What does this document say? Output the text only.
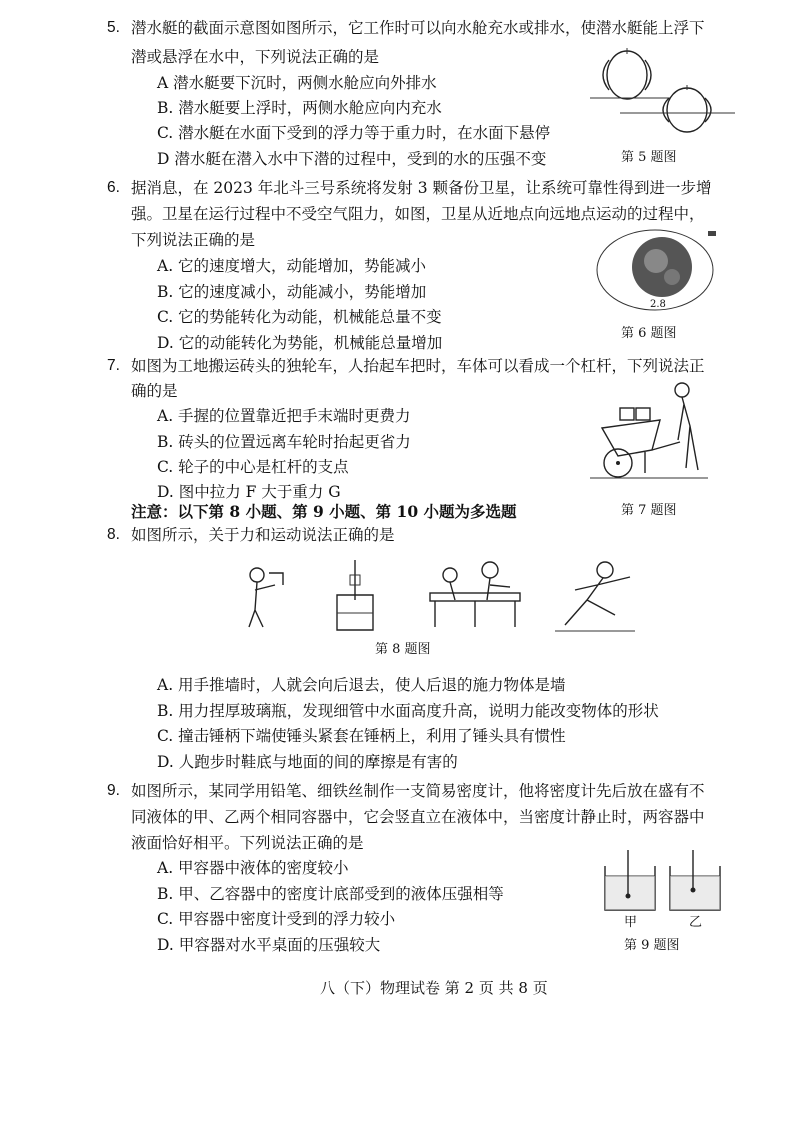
5. 潜水艇的截面示意图如图所示，它工作时可以向水舱充水或排水，使潜水艇能上浮下
潜或悬浮在水中，下列说法正确的是
A 潜水艇要下沉时，两侧水舱应向外排水
B. 潜水艇要上浮时，两侧水舱应向内充水
C. 潜水艇在水面下受到的浮力等于重力时，在水面下悬停
D 潜水艇在潜入水中下潜的过程中，受到的水的压强不变	第 5 题图
6. 据消息，在 2023 年北斗三号系统将发射 3 颗备份卫星，让系统可靠性得到进一步增
强。卫星在运行过程中不受空气阻力，如图，卫星从近地点向远地点运动的过程中，
下列说法正确的是
A. 它的速度增大，动能增加，势能减小
B. 它的速度减小，动能减小，势能增加
C. 它的势能转化为动能，机械能总量不变
D. 它的动能转化为势能，机械能总量增加
2.8
第 6 题图
7. 如图为工地搬运砖头的独轮车，人抬起车把时，车体可以看成一个杠杆，下列说法正
确的是
A. 手握的位置靠近把手末端时更费力
B. 砖头的位置远离车轮时抬起更省力
C. 轮子的中心是杠杆的支点
D. 图中拉力 F 大于重力 G
注意：以下第 8 小题、第 9 小题、第 10 小题为多选题	第 7 题图
8. 如图所示，关于力和运动说法正确的是
第 8 题图
A. 用手推墙时，人就会向后退去，使人后退的施力物体是墙
B. 用力捏厚玻璃瓶，发现细管中水面高度升高，说明力能改变物体的形状
C. 撞击锤柄下端使锤头紧套在锤柄上，利用了锤头具有惯性
D. 人跑步时鞋底与地面的间的摩擦是有害的
9. 如图所示，某同学用铅笔、细铁丝制作一支简易密度计，他将密度计先后放在盛有不
同液体的甲、乙两个相同容器中，它会竖直立在液体中，当密度计静止时，两容器中
液面恰好相平。下列说法正确的是
A. 甲容器中液体的密度较小
B. 甲、乙容器中的密度计底部受到的液体压强相等
C. 甲容器中密度计受到的浮力较小
D. 甲容器对水平桌面的压强较大
甲	乙
第 9 题图
八（下）物理试卷 第 2 页 共 8 页
